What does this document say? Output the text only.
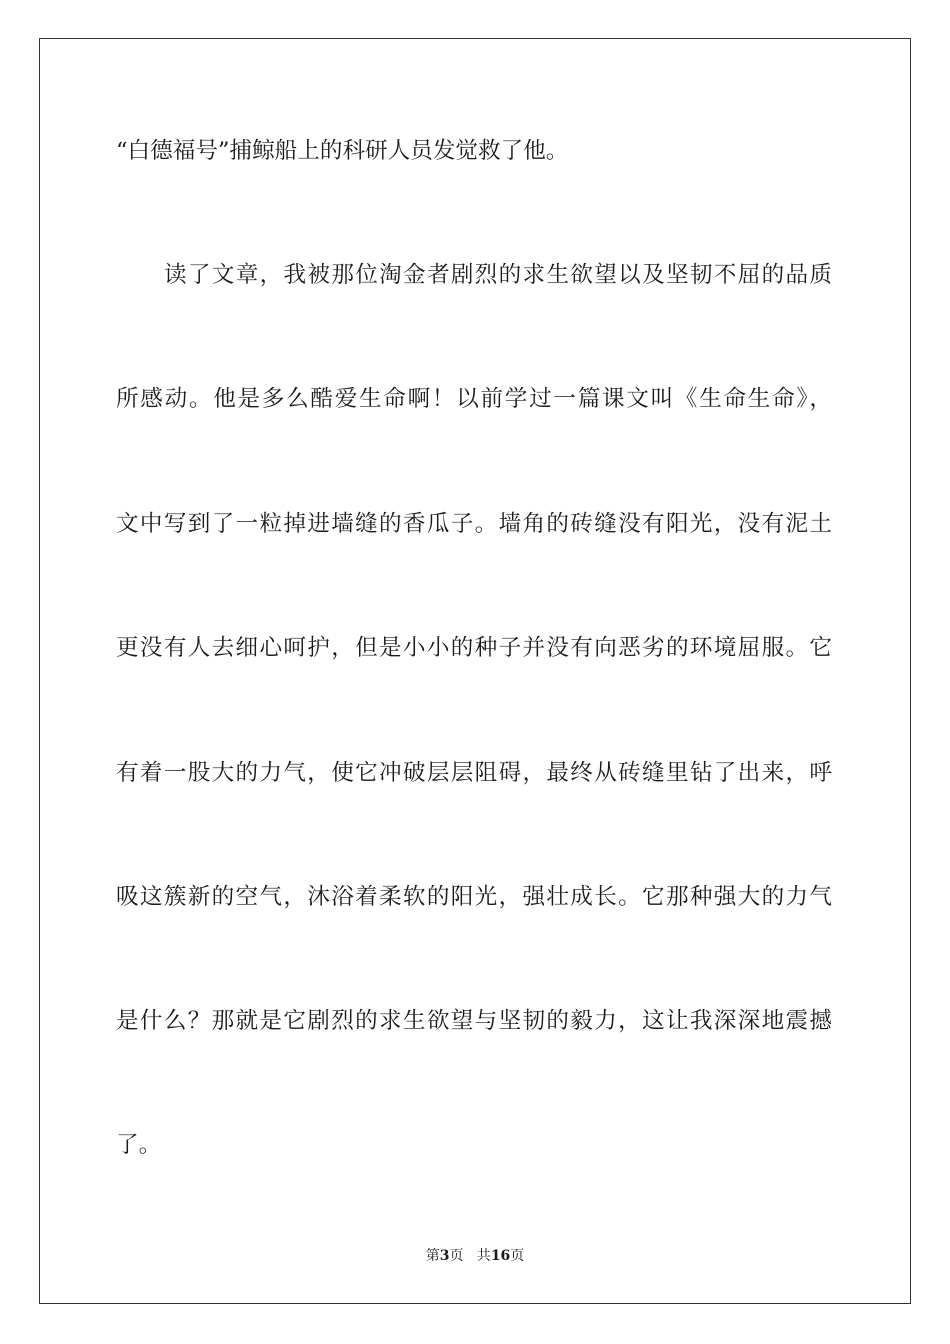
“白德福号”捕鲸船上的科研人员发觉救了他。
读了文章，我被那位淘金者剧烈的求生欲望以及坚韧不屈的品质
所感动。他是多么酷爱生命啊！以前学过一篇课文叫《生命生命》，
文中写到了一粒掉进墙缝的香瓜子。墙角的砖缝没有阳光，没有泥土
更没有人去细心呵护，但是小小的种子并没有向恶劣的环境屈服。它
有着一股大的力气，使它冲破层层阻碍，最终从砖缝里钻了出来，呼
吸这簇新的空气，沐浴着柔软的阳光，强壮成长。它那种强大的力气
是什么？那就是它剧烈的求生欲望与坚韧的毅力，这让我深深地震撼
了。
第3页   共16页
